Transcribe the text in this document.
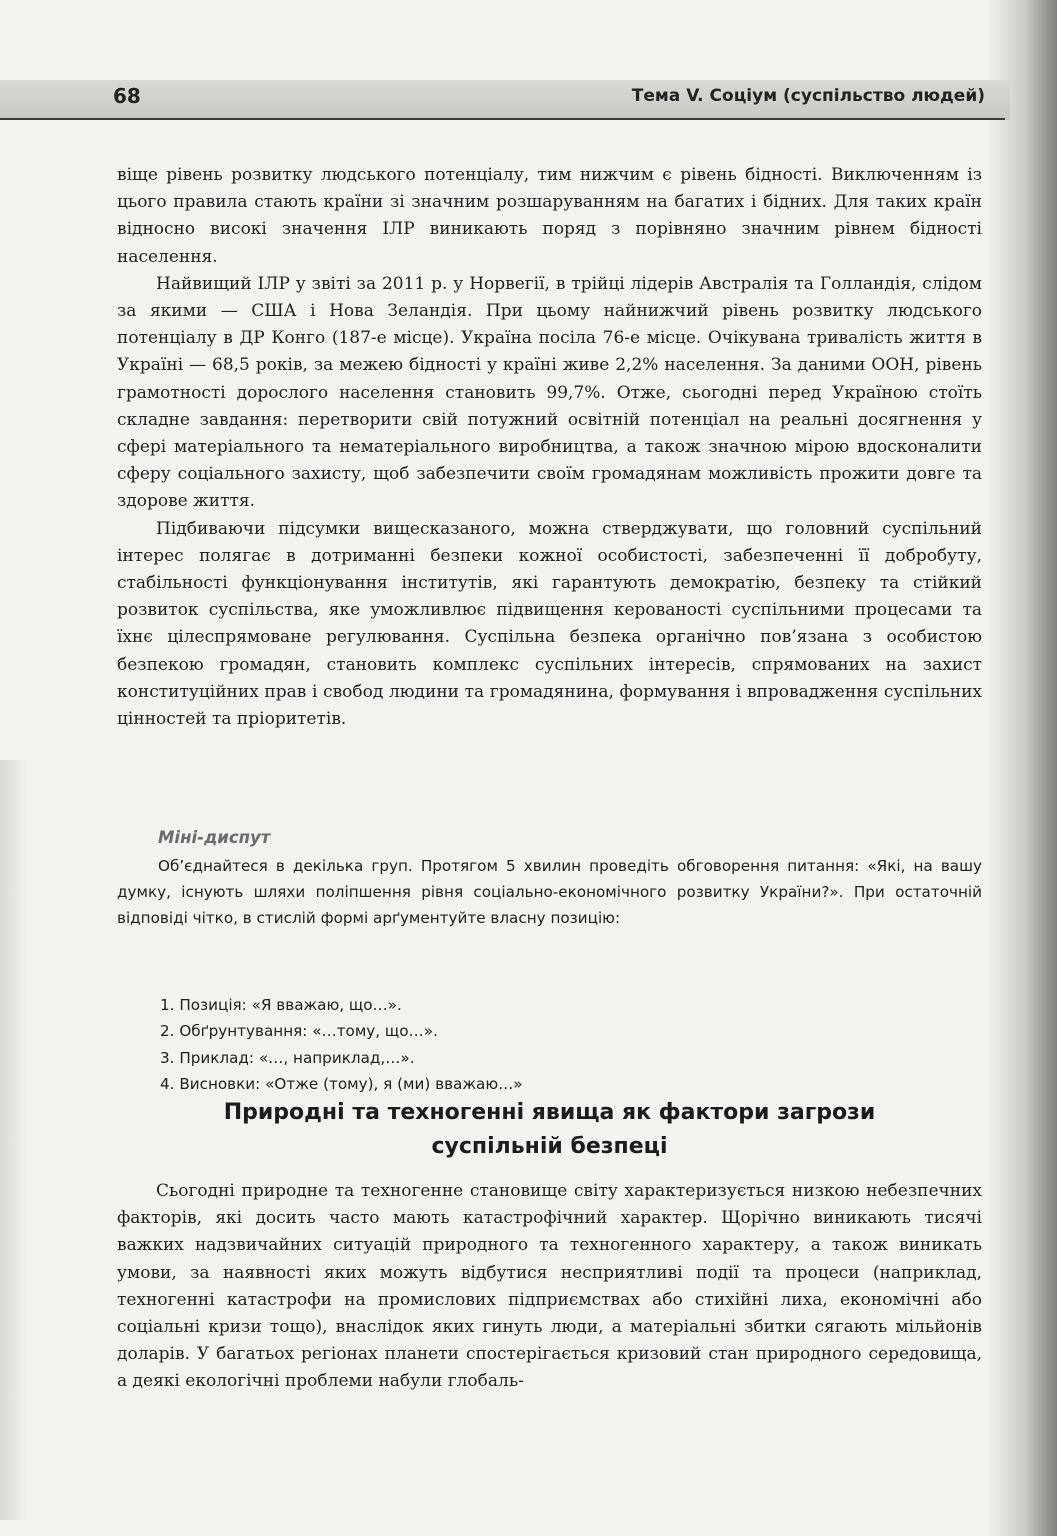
68	Тема V. Соціум (суспільство людей)

віще рівень розвитку людського потенціалу, тим нижчим є рівень бідності. Виключенням із цього правила стають країни зі значним розшаруванням на багатих і бідних. Для таких країн відносно високі значення ІЛР виникають поряд з порівняно значним рівнем бідності населення.

Найвищий ІЛР у звіті за 2011 р. у Норвегії, в трійці лідерів Австралія та Голландія, слідом за якими — США і Нова Зеландія. При цьому найнижчий рівень розвитку людського потенціалу в ДР Конго (187-е місце). Україна посіла 76-е місце. Очікувана тривалість життя в Україні — 68,5 років, за межею бідності у країні живе 2,2% населення. За даними ООН, рівень грамотності дорослого населення становить 99,7%. Отже, сьогодні перед Україною стоїть складне завдання: перетворити свій потужний освітній потенціал на реальні досягнення у сфері матеріального та нематеріального виробництва, а також значною мірою вдосконалити сферу соціального захисту, щоб забезпечити своїм громадянам можливість прожити довге та здорове життя.

Підбиваючи підсумки вищесказаного, можна стверджувати, що головний суспільний інтерес полягає в дотриманні безпеки кожної особистості, забезпеченні її добробуту, стабільності функціонування інститутів, які гарантують демократію, безпеку та стійкий розвиток суспільства, яке уможливлює підвищення керованості суспільними процесами та їхнє цілеспрямоване регулювання. Суспільна безпека органічно пов’язана з особистою безпекою громадян, становить комплекс суспільних інтересів, спрямованих на захист конституційних прав і свобод людини та громадянина, формування і впровадження суспільних цінностей та пріоритетів.

Міні-диспут

Об’єднайтеся в декілька груп. Протягом 5 хвилин проведіть обговорення питання: «Які, на вашу думку, існують шляхи поліпшення рівня соціально-економічного розвитку України?». При остаточній відповіді чітко, в стислій формі арґументуйте власну позицію:

1. Позиція: «Я вважаю, що…».
2. Обґрунтування: «…тому, що…».
3. Приклад: «…, наприклад,…».
4. Висновки: «Отже (тому), я (ми) вважаю…»
Природні та техногенні явища як фактори загрози
суспільній безпеці

Сьогодні природне та техногенне становище світу характеризується низкою небезпечних факторів, які досить часто мають катастрофічний характер. Щорічно виникають тисячі важких надзвичайних ситуацій природного та техногенного характеру, а також виникать умови, за наявності яких можуть відбутися несприятливі події та процеси (наприклад, техногенні катастрофи на промислових підприємствах або стихійні лиха, економічні або соціальні кризи тощо), внаслідок яких гинуть люди, а матеріальні збитки сягають мільйонів доларів. У багатьох регіонах планети спостерігається кризовий стан природного середовища, а деякі екологічні проблеми набули глобаль-
